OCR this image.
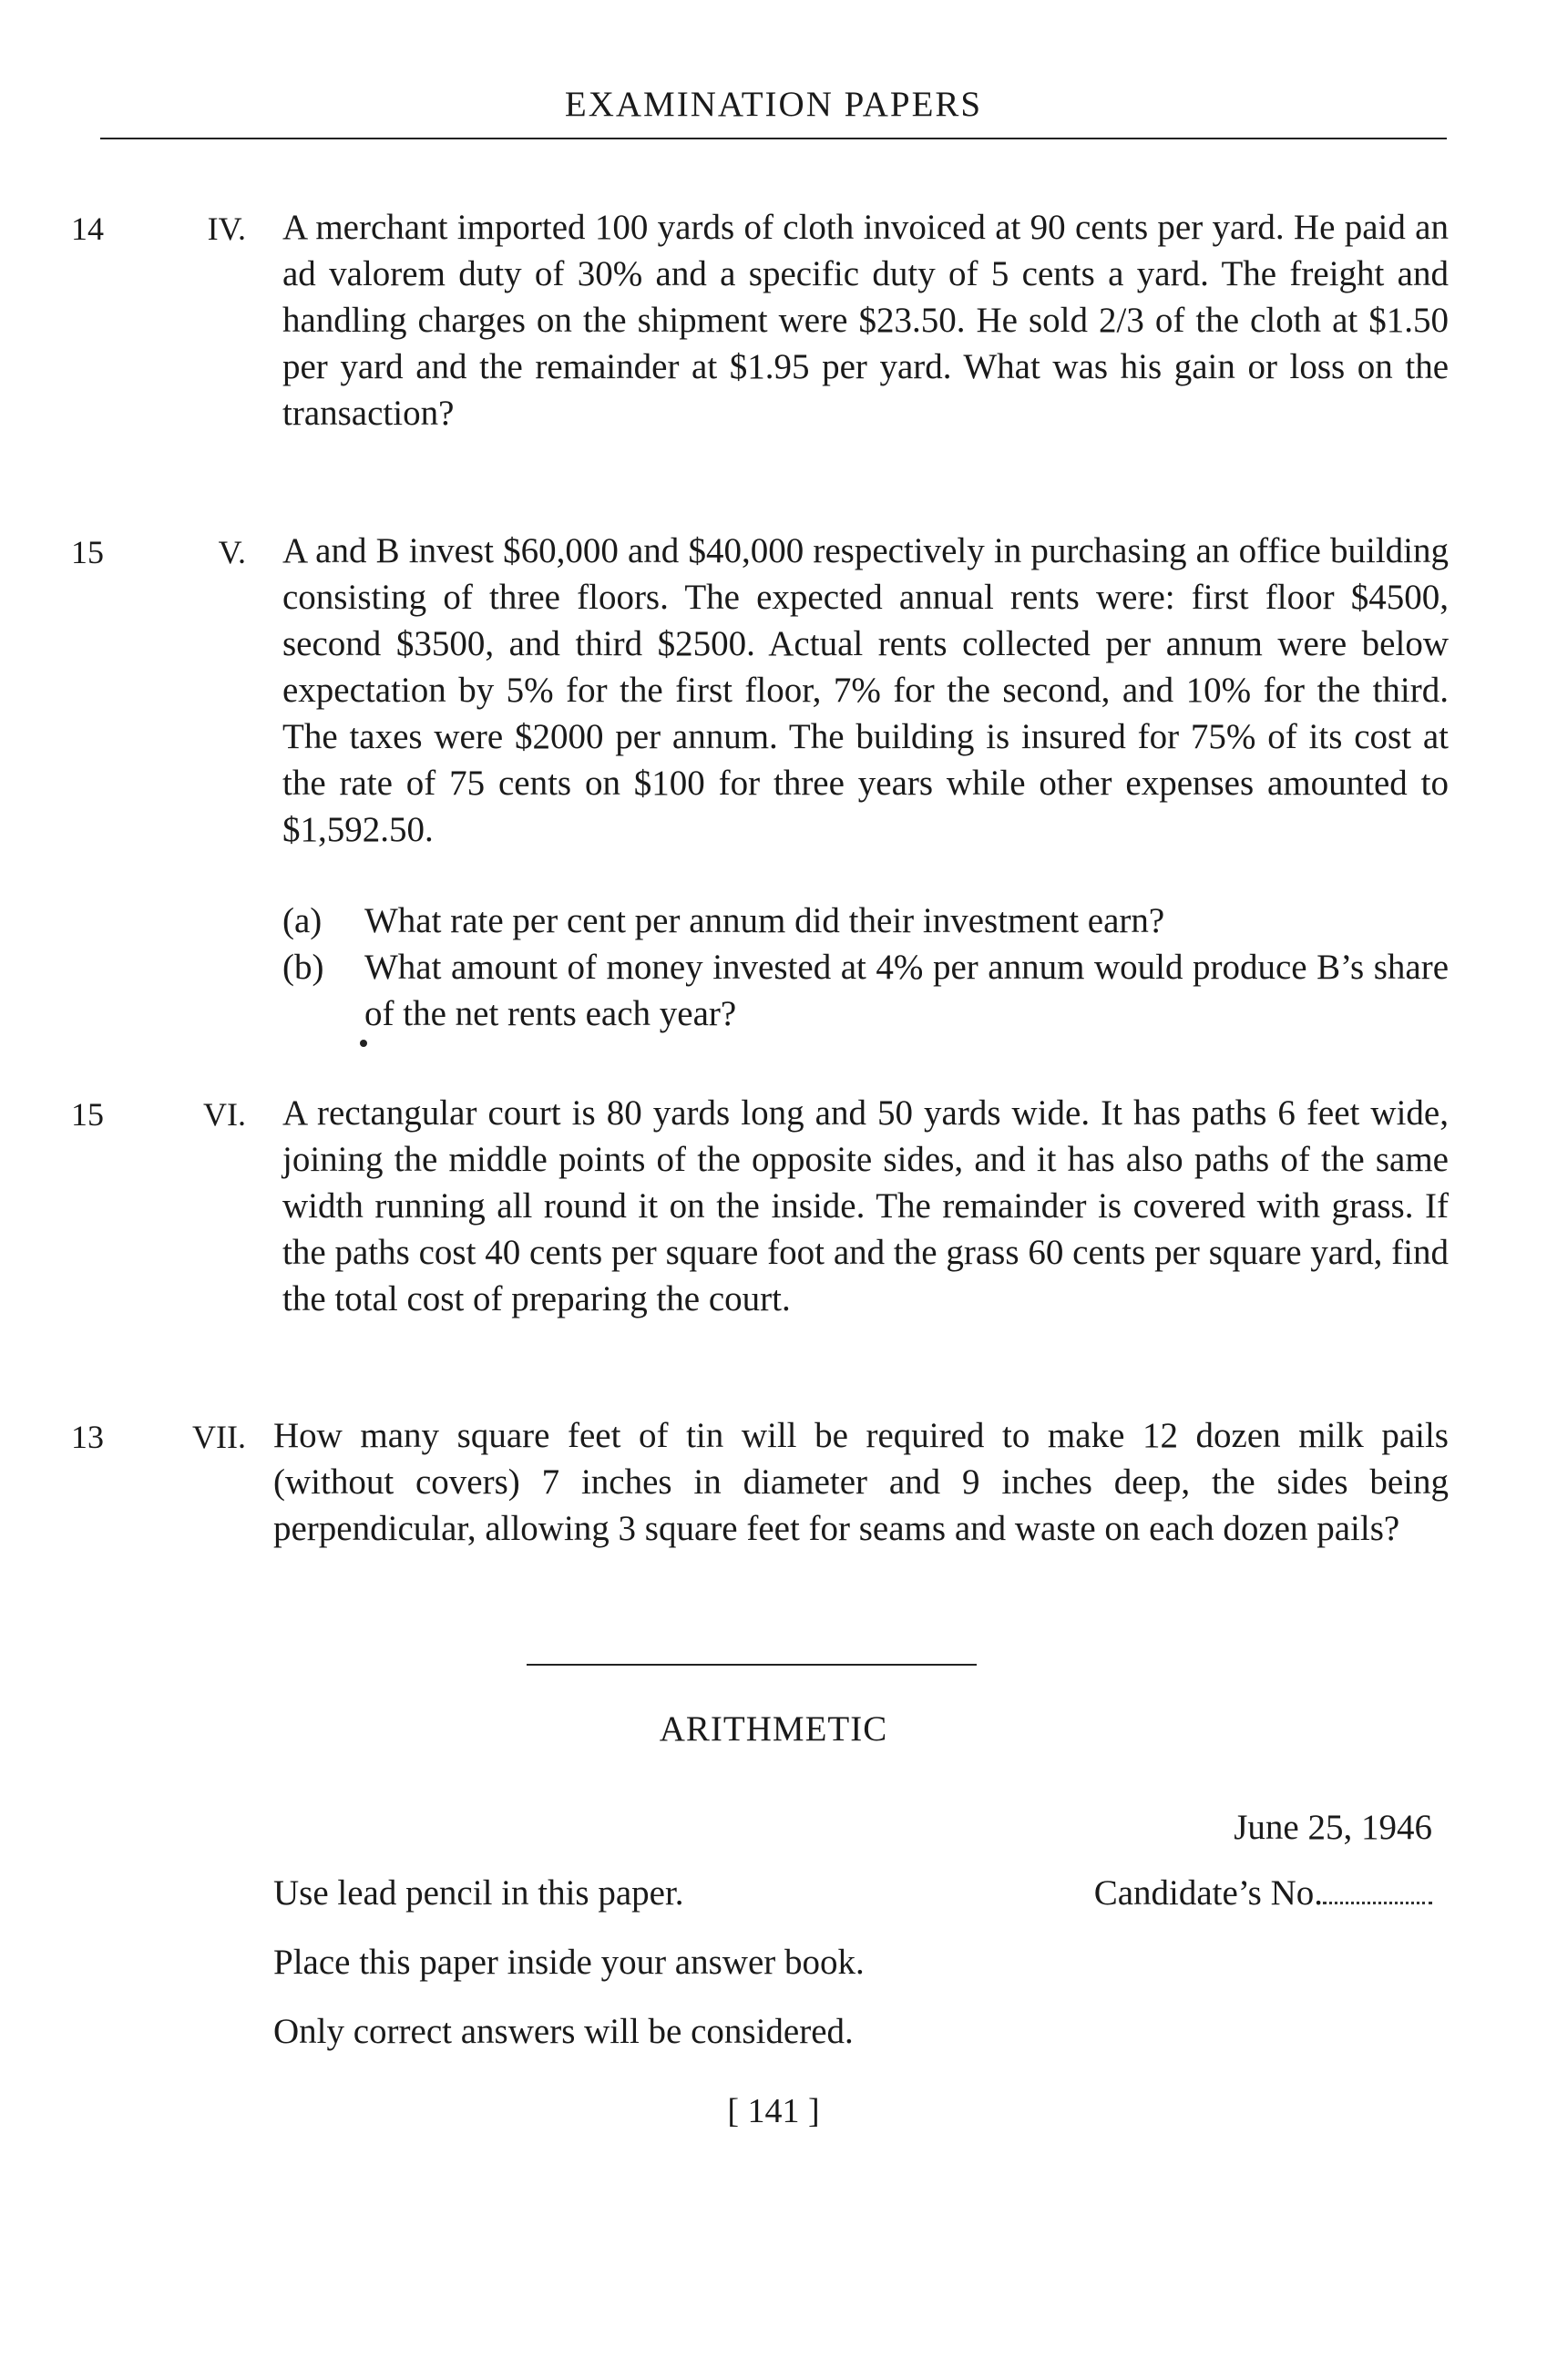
EXAMINATION PAPERS
14	IV. A merchant imported 100 yards of cloth invoiced at 90 cents per yard. He paid an ad valorem duty of 30% and a specific duty of 5 cents a yard. The freight and handling charges on the shipment were $23.50. He sold 2/3 of the cloth at $1.50 per yard and the remainder at $1.95 per yard. What was his gain or loss on the transaction?

15	V. A and B invest $60,000 and $40,000 respectively in purchasing an office building consisting of three floors. The expected annual rents were: first floor $4500, second $3500, and third $2500. Actual rents collected per annum were below expectation by 5% for the first floor, 7% for the second, and 10% for the third. The taxes were $2000 per annum. The building is insured for 75% of its cost at the rate of 75 cents on $100 for three years while other expenses amounted to $1,592.50.

(a) What rate per cent per annum did their investment earn?
(b) What amount of money invested at 4% per annum would produce B’s share of the net rents each year?
15	VI. A rectangular court is 80 yards long and 50 yards wide. It has paths 6 feet wide, joining the middle points of the opposite sides, and it has also paths of the same width running all round it on the inside. The remainder is covered with grass. If the paths cost 40 cents per square foot and the grass 60 cents per square yard, find the total cost of preparing the court.

13	VII. How many square feet of tin will be required to make 12 dozen milk pails (without covers) 7 inches in diameter and 9 inches deep, the sides being perpendicular, allowing 3 square feet for seams and waste on each dozen pails?

ARITHMETIC
June 25, 1946
Use lead pencil in this paper.	Candidate’s No.
Place this paper inside your answer book.
Only correct answers will be considered.
[ 141 ]
